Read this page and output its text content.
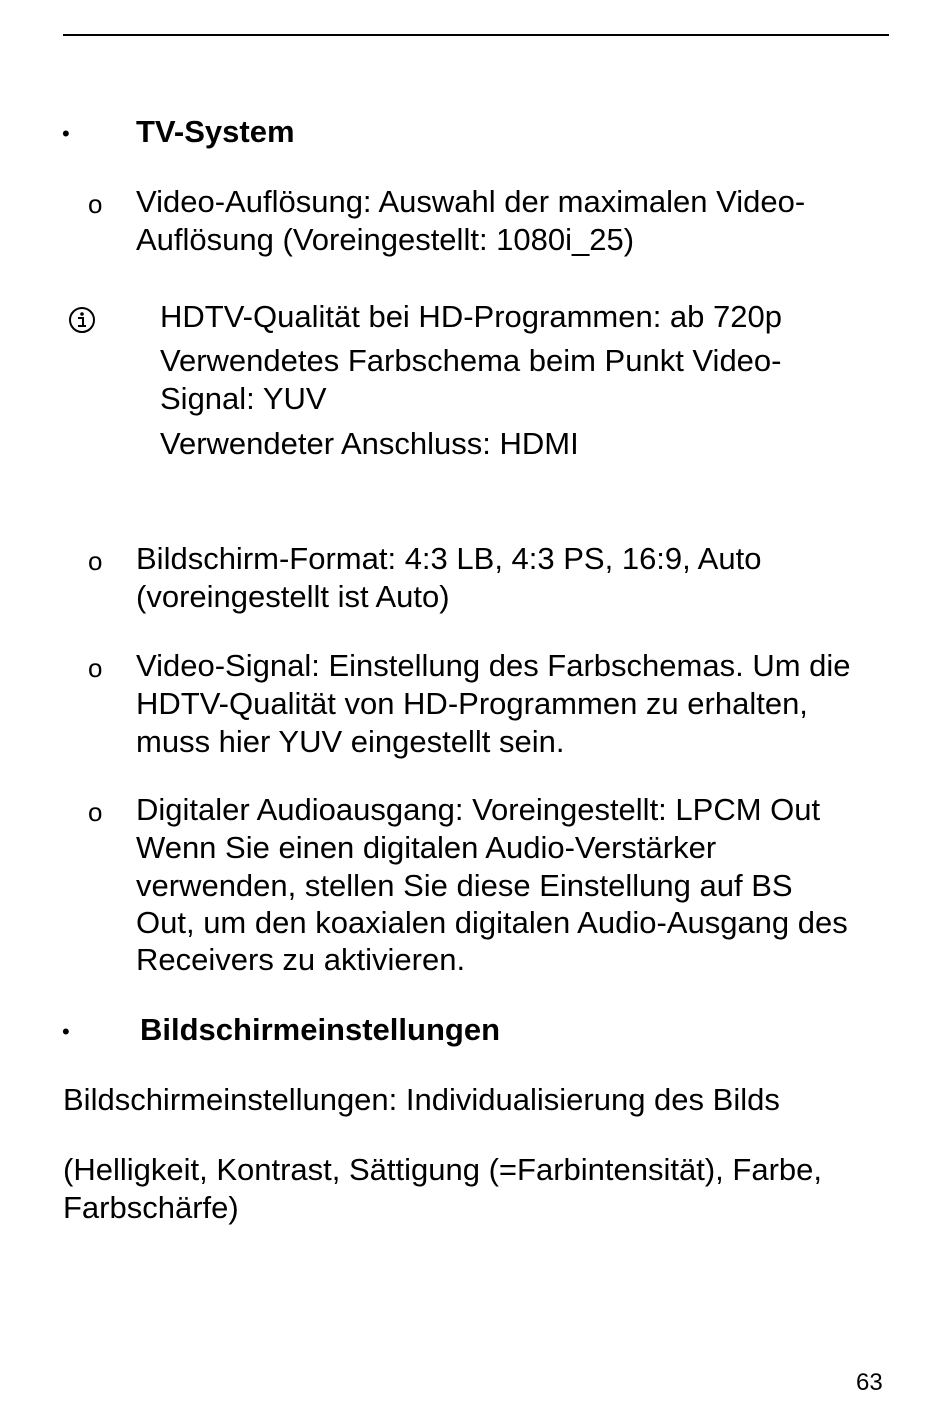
• TV-System
o Video-Auflösung: Auswahl der maximalen Video-
Auflösung (Voreingestellt: 1080i_25)
HDTV-Qualität bei HD-Programmen: ab 720p
Verwendetes Farbschema beim Punkt Video-
Signal: YUV
Verwendeter Anschluss: HDMI
o Bildschirm-Format: 4:3 LB, 4:3 PS, 16:9, Auto
(voreingestellt ist Auto)
o Video-Signal: Einstellung des Farbschemas. Um die
HDTV-Qualität von HD-Programmen zu erhalten,
muss hier YUV eingestellt sein.
o Digitaler Audioausgang: Voreingestellt: LPCM Out
Wenn Sie einen digitalen Audio-Verstärker
verwenden, stellen Sie diese Einstellung auf BS
Out, um den koaxialen digitalen Audio-Ausgang des
Receivers zu aktivieren.
• Bildschirmeinstellungen
Bildschirmeinstellungen: Individualisierung des Bilds
(Helligkeit, Kontrast, Sättigung (=Farbintensität), Farbe,
Farbschärfe)
63
